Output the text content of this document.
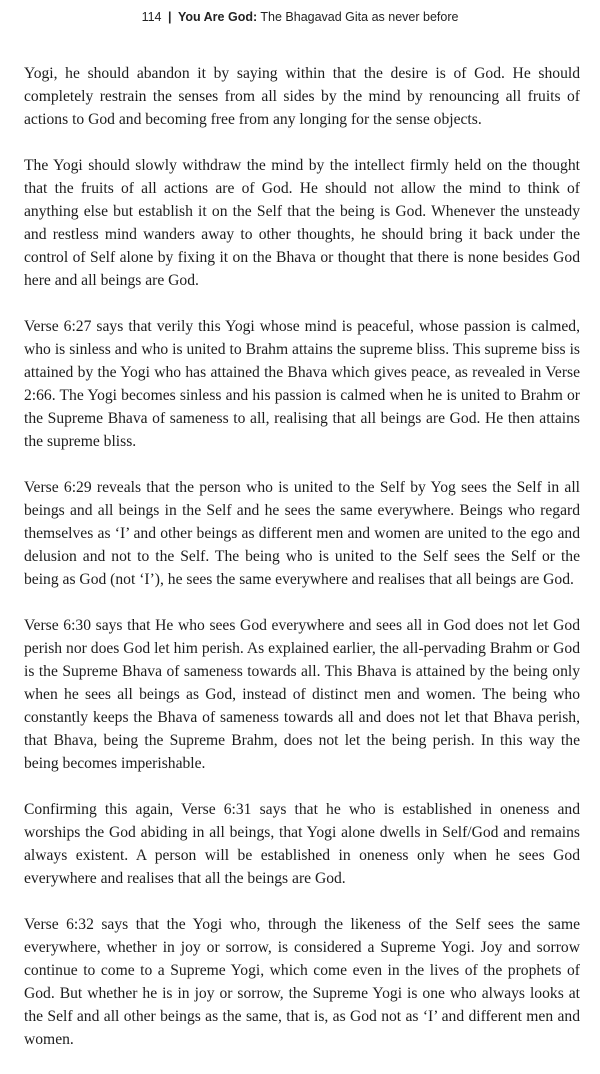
114 | You Are God: The Bhagavad Gita as never before

Yogi, he should abandon it by saying within that the desire is of God. He should completely restrain the senses from all sides by the mind by renouncing all fruits of actions to God and becoming free from any longing for the sense objects.

The Yogi should slowly withdraw the mind by the intellect firmly held on the thought that the fruits of all actions are of God. He should not allow the mind to think of anything else but establish it on the Self that the being is God. Whenever the unsteady and restless mind wanders away to other thoughts, he should bring it back under the control of Self alone by fixing it on the Bhava or thought that there is none besides God here and all beings are God.

Verse 6:27 says that verily this Yogi whose mind is peaceful, whose passion is calmed, who is sinless and who is united to Brahm attains the supreme bliss. This supreme biss is attained by the Yogi who has attained the Bhava which gives peace, as revealed in Verse 2:66. The Yogi becomes sinless and his passion is calmed when he is united to Brahm or the Supreme Bhava of sameness to all, realising that all beings are God. He then attains the supreme bliss.

Verse 6:29 reveals that the person who is united to the Self by Yog sees the Self in all beings and all beings in the Self and he sees the same everywhere. Beings who regard themselves as ‘I’ and other beings as different men and women are united to the ego and delusion and not to the Self. The being who is united to the Self sees the Self or the being as God (not ‘I’), he sees the same everywhere and realises that all beings are God.

Verse 6:30 says that He who sees God everywhere and sees all in God does not let God perish nor does God let him perish. As explained earlier, the all-pervading Brahm or God is the Supreme Bhava of sameness towards all. This Bhava is attained by the being only when he sees all beings as God, instead of distinct men and women. The being who constantly keeps the Bhava of sameness towards all and does not let that Bhava perish, that Bhava, being the Supreme Brahm, does not let the being perish. In this way the being becomes imperishable.

Confirming this again, Verse 6:31 says that he who is established in oneness and worships the God abiding in all beings, that Yogi alone dwells in Self/God and remains always existent. A person will be established in oneness only when he sees God everywhere and realises that all the beings are God.

Verse 6:32 says that the Yogi who, through the likeness of the Self sees the same everywhere, whether in joy or sorrow, is considered a Supreme Yogi. Joy and sorrow continue to come to a Supreme Yogi, which come even in the lives of the prophets of God. But whether he is in joy or sorrow, the Supreme Yogi is one who always looks at the Self and all other beings as the same, that is, as God not as ‘I’ and different men and women.
